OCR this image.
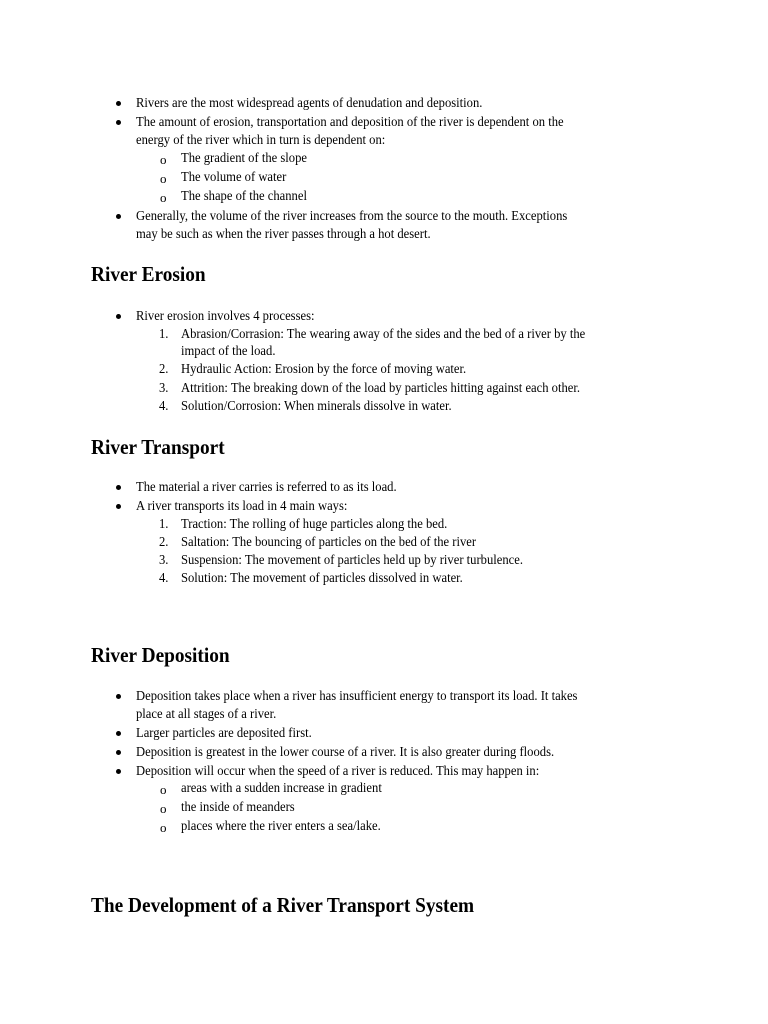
Rivers are the most widespread agents of denudation and deposition.
The amount of erosion, transportation and deposition of the river is dependent on the
energy of the river which in turn is dependent on:
o The gradient of the slope
o The volume of water
o The shape of the channel
Generally, the volume of the river increases from the source to the mouth. Exceptions
may be such as when the river passes through a hot desert.
River Erosion
River erosion involves 4 processes:
1. Abrasion/Corrasion: The wearing away of the sides and the bed of a river by the
impact of the load.
2. Hydraulic Action: Erosion by the force of moving water.
3. Attrition: The breaking down of the load by particles hitting against each other.
4. Solution/Corrosion: When minerals dissolve in water.
River Transport
The material a river carries is referred to as its load.
A river transports its load in 4 main ways:
1. Traction: The rolling of huge particles along the bed.
2. Saltation: The bouncing of particles on the bed of the river
3. Suspension: The movement of particles held up by river turbulence.
4. Solution: The movement of particles dissolved in water.
River Deposition
Deposition takes place when a river has insufficient energy to transport its load. It takes
place at all stages of a river.
Larger particles are deposited first.
Deposition is greatest in the lower course of a river. It is also greater during floods.
Deposition will occur when the speed of a river is reduced. This may happen in:
o areas with a sudden increase in gradient
o the inside of meanders
o places where the river enters a sea/lake.
The Development of a River Transport System
